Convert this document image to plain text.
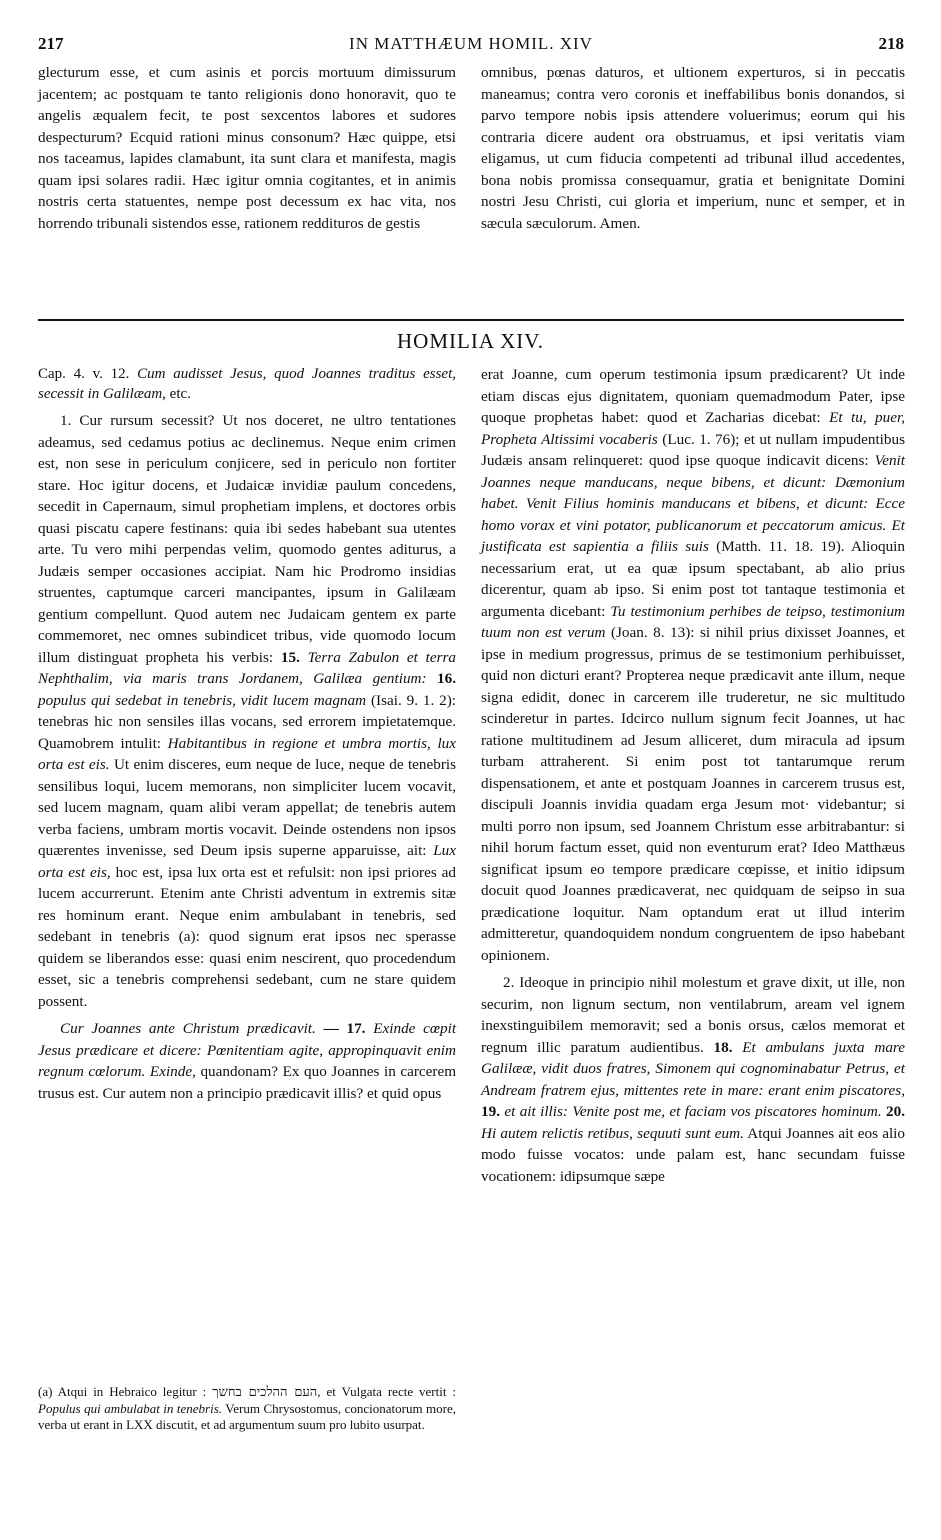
217	IN MATTHÆUM HOMIL. XIV	218

glecturum esse, et cum asinis et porcis mortuum dimissurum jacentem; ac postquam te tanto religionis dono honoravit, quo te angelis æqualem fecit, te post sexcentos labores et sudores despecturum? Ecquid rationi minus consonum? Hæc quippe, etsi nos taceamus, lapides clamabunt, ita sunt clara et manifesta, magis quam ipsi solares radii. Hæc igitur omnia cogitantes, et in animis nostris certa statuentes, nempe post decessum ex hac vita, nos horrendo tribunali sistendos esse, rationem reddituros de gestis

omnibus, pœnas daturos, et ultionem experturos, si in peccatis maneamus; contra vero coronis et ineffabilibus bonis donandos, si parvo tempore nobis ipsis attendere voluerimus; eorum qui his contraria dicere audent ora obstruamus, et ipsi veritatis viam eligamus, ut cum fiducia competenti ad tribunal illud accedentes, bona nobis promissa consequamur, gratia et benignitate Domini nostri Jesu Christi, cui gloria et imperium, nunc et semper, et in sæcula sæculorum. Amen.

HOMILIA XIV.

Cap. 4. v. 12. Cum audisset Jesus, quod Joannes traditus esset, secessit in Galilæam, etc.

1. Cur rursum secessit? Ut nos doceret, ne ultro tentationes adeamus, sed cedamus potius ac declinemus. Neque enim crimen est, non sese in periculum conjicere, sed in periculo non fortiter stare. Hoc igitur docens, et Judaicæ invidiæ paulum concedens, secedit in Capernaum, simul prophetiam implens, et doctores orbis quasi piscatu capere festinans: quia ibi sedes habebant sua utentes arte. Tu vero mihi perpendas velim, quomodo gentes aditurus, a Judæis semper occasiones accipiat. Nam hic Prodromo insidias struentes, captumque carceri mancipantes, ipsum in Galilæam gentium compellunt. Quod autem nec Judaicam gentem ex parte commemoret, nec omnes subindicet tribus, vide quomodo locum illum distinguat propheta his verbis: 15. Terra Zabulon et terra Nephthalim, via maris trans Jordanem, Galilæa gentium: 16. populus qui sedebat in tenebris, vidit lucem magnam (Isai. 9. 1. 2): tenebras hic non sensiles illas vocans, sed errorem impietatemque. Quamobrem intulit: Habitantibus in regione et umbra mortis, lux orta est eis. Ut enim disceres, eum neque de luce, neque de tenebris sensilibus loqui, lucem memorans, non simpliciter lucem vocavit, sed lucem magnam, quam alibi veram appellat; de tenebris autem verba faciens, umbram mortis vocavit. Deinde ostendens non ipsos quærentes invenisse, sed Deum ipsis superne apparuisse, ait: Lux orta est eis, hoc est, ipsa lux orta est et refulsit: non ipsi priores ad lucem accurrerunt. Etenim ante Christi adventum in extremis sitæ res hominum erant. Neque enim ambulabant in tenebris, sed sedebant in tenebris (a): quod signum erat ipsos nec sperasse quidem se liberandos esse: quasi enim nescirent, quo procedendum esset, sic a tenebris comprehensi sedebant, cum ne stare quidem possent.

Cur Joannes ante Christum prædicavit. — 17. Exinde cœpit Jesus prædicare et dicere: Pœnitentiam agite, appropinquavit enim regnum cœlorum. Exinde, quandonam? Ex quo Joannes in carcerem trusus est. Cur autem non a principio prædicavit illis? et quid opus

(a) Atqui in Hebraico legitur : העם ההלכים בחשך, et Vulgata recte vertit : Populus qui ambulabat in tenebris. Verum Chrysostomus, concionatorum more, verba ut erant in LXX discutit, et ad argumentum suum pro lubito usurpat.

erat Joanne, cum operum testimonia ipsum prædicarent? Ut inde etiam discas ejus dignitatem, quoniam quemadmodum Pater, ipse quoque prophetas habet: quod et Zacharias dicebat: Et tu, puer, Propheta Altissimi vocaberis (Luc. 1. 76); et ut nullam impudentibus Judæis ansam relinqueret: quod ipse quoque indicavit dicens: Venit Joannes neque manducans, neque bibens, et dicunt: Dæmonium habet. Venit Filius hominis manducans et bibens, et dicunt: Ecce homo vorax et vini potator, publicanorum et peccatorum amicus. Et justificata est sapientia a filiis suis (Matth. 11. 18. 19). Alioquin necessarium erat, ut ea quæ ipsum spectabant, ab alio prius dicerentur, quam ab ipso. Si enim post tot tantaque testimonia et argumenta dicebant: Tu testimonium perhibes de teipso, testimonium tuum non est verum (Joan. 8. 13): si nihil prius dixisset Joannes, et ipse in medium progressus, primus de se testimonium perhibuisset, quid non dicturi erant? Propterea neque prædicavit ante illum, neque signa edidit, donec in carcerem ille truderetur, ne sic multitudo scinderetur in partes. Idcirco nullum signum fecit Joannes, ut hac ratione multitudinem ad Jesum alliceret, dum miracula ad ipsum turbam attraherent. Si enim post tot tantarumque rerum dispensationem, et ante et postquam Joannes in carcerem trusus est, discipuli Joannis invidia quadam erga Jesum mot· videbantur; si multi porro non ipsum, sed Joannem Christum esse arbitrabantur: si nihil horum factum esset, quid non eventurum erat? Ideo Matthæus significat ipsum eo tempore prædicare cœpisse, et initio idipsum docuit quod Joannes prædicaverat, nec quidquam de seipso in sua prædicatione loquitur. Nam optandum erat ut illud interim admitteretur, quandoquidem nondum congruentem de ipso habebant opinionem.

2. Ideoque in principio nihil molestum et grave dixit, ut ille, non securim, non lignum sectum, non ventilabrum, aream vel ignem inexstinguibilem memoravit; sed a bonis orsus, cælos memorat et regnum illic paratum audientibus. 18. Et ambulans juxta mare Galilææ, vidit duos fratres, Simonem qui cognominabatur Petrus, et Andream fratrem ejus, mittentes rete in mare: erant enim piscatores, 19. et ait illis: Venite post me, et faciam vos piscatores hominum. 20. Hi autem relictis retibus, sequuti sunt eum. Atqui Joannes ait eos alio modo fuisse vocatos: unde palam est, hanc secundam fuisse vocationem: idipsumque sæpe
